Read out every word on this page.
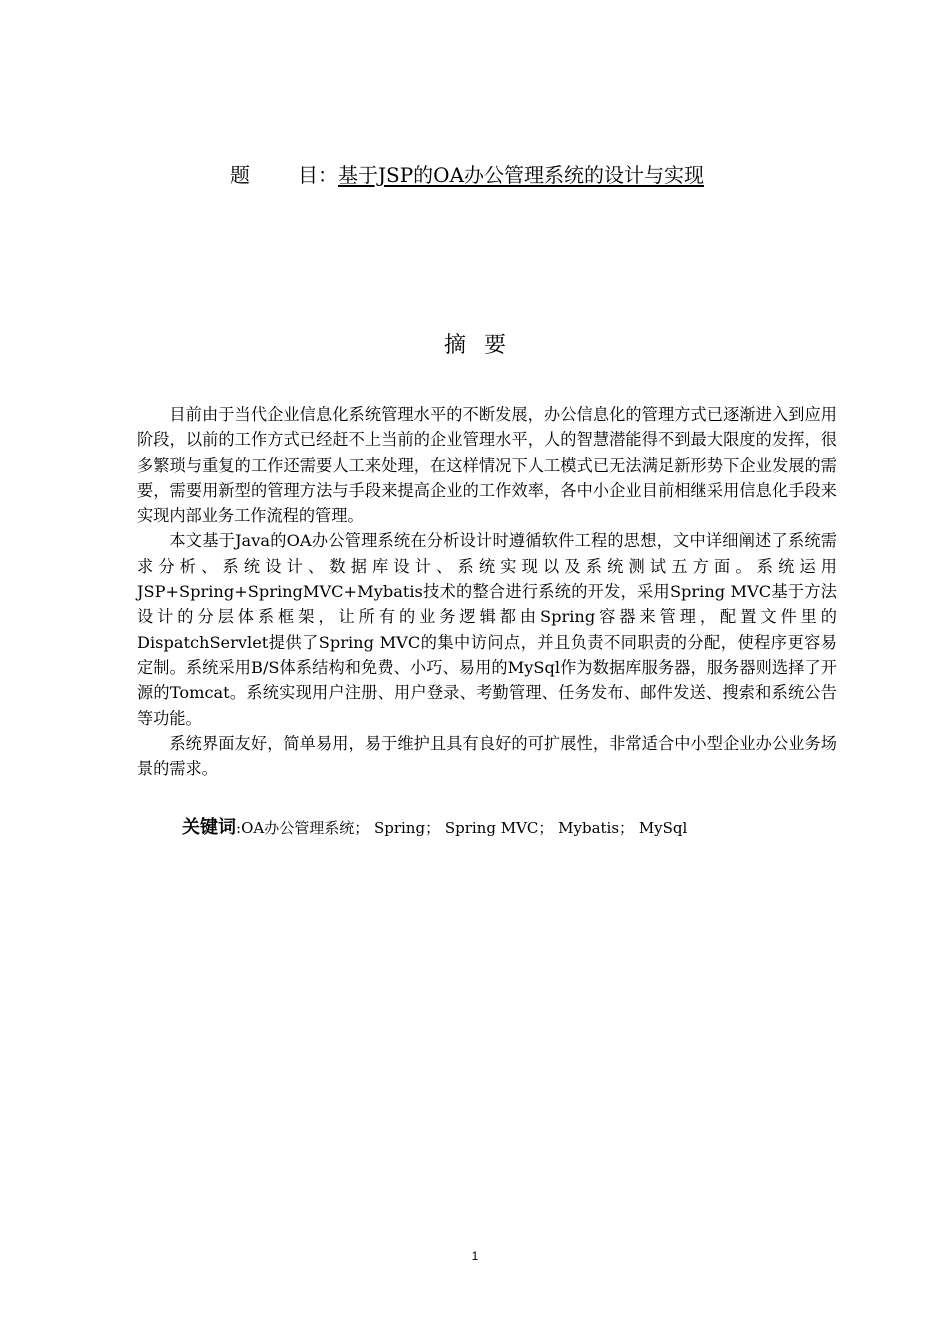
题 目：基于JSP的OA办公管理系统的设计与实现
摘要

目前由于当代企业信息化系统管理水平的不断发展，办公信息化的管理方式已逐渐进入到应用阶段，以前的工作方式已经赶不上当前的企业管理水平，人的智慧潜能得不到最大限度的发挥，很多繁琐与重复的工作还需要人工来处理，在这样情况下人工模式已无法满足新形势下企业发展的需要，需要用新型的管理方法与手段来提高企业的工作效率，各中小企业目前相继采用信息化手段来实现内部业务工作流程的管理。

本文基于Java的OA办公管理系统在分析设计时遵循软件工程的思想，文中详细阐述了系统需求分析、系统设计、数据库设计、系统实现以及系统测试五方面。系统运用JSP+Spring+SpringMVC+Mybatis技术的整合进行系统的开发，采用Spring MVC基于方法设计的分层体系框架，让所有的业务逻辑都由Spring容器来管理，配置文件里的DispatchServlet提供了Spring MVC的集中访问点，并且负责不同职责的分配，使程序更容易定制。系统采用B/S体系结构和免费、小巧、易用的MySql作为数据库服务器，服务器则选择了开源的Tomcat。系统实现用户注册、用户登录、考勤管理、任务发布、邮件发送、搜索和系统公告等功能。

系统界面友好，简单易用，易于维护且具有良好的可扩展性，非常适合中小型企业办公业务场景的需求。

关键词:OA办公管理系统； Spring； Spring MVC； Mybatis； MySql
1
